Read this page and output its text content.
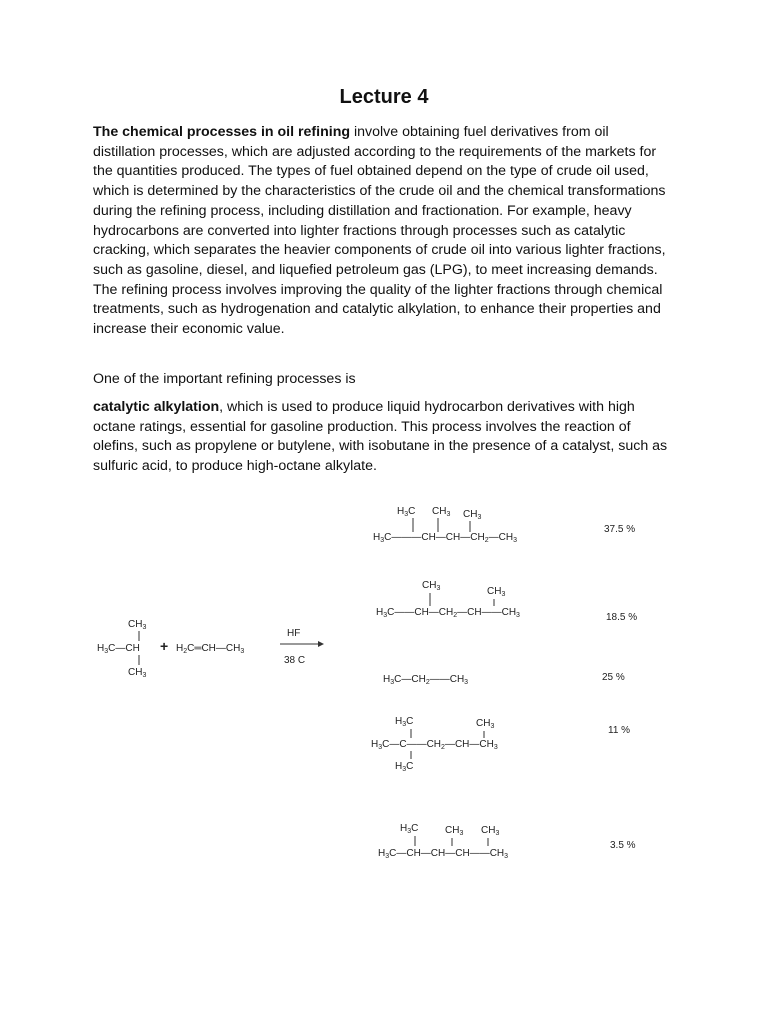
Lecture 4

The chemical processes in oil refining involve obtaining fuel derivatives from oil distillation processes, which are adjusted according to the requirements of the markets for the quantities produced. The types of fuel obtained depend on the type of crude oil used, which is determined by the characteristics of the crude oil and the chemical transformations during the refining process, including distillation and fractionation. For example, heavy hydrocarbons are converted into lighter fractions through processes such as catalytic cracking, which separates the heavier components of crude oil into various lighter fractions, such as gasoline, diesel, and liquefied petroleum gas (LPG), to meet increasing demands. The refining process involves improving the quality of the lighter fractions through chemical treatments, such as hydrogenation and catalytic alkylation, to enhance their properties and increase their economic value.

One of the important refining processes is

catalytic alkylation, which is used to produce liquid hydrocarbon derivatives with high octane ratings, essential for gasoline production. This process involves the reaction of olefins, such as propylene or butylene, with isobutane in the presence of a catalyst, such as sulfuric acid, to produce high-octane alkylate.

$CH_3$
$H_3C—CH$
$CH_3$
+ $H_2C═CH—CH_3$
HF
38 C
$H_3C$ $CH_3$ $CH_3$
$H_3C———CH—CH—CH_2—CH_3$
37.5 %
$CH_3$	$CH_3$
$H_3C——CH—CH_2—CH——CH_3$	18.5 %
$H_3C—CH_2——CH_3$	25 %
$H_3C$	$CH_3$
$H_3C—C——CH_2—CH—CH_3$
$H_3C$
11 %
$H_3C$	$CH_3$ $CH_3$
$H_3C—CH—CH—CH——CH_3$
3.5 %
